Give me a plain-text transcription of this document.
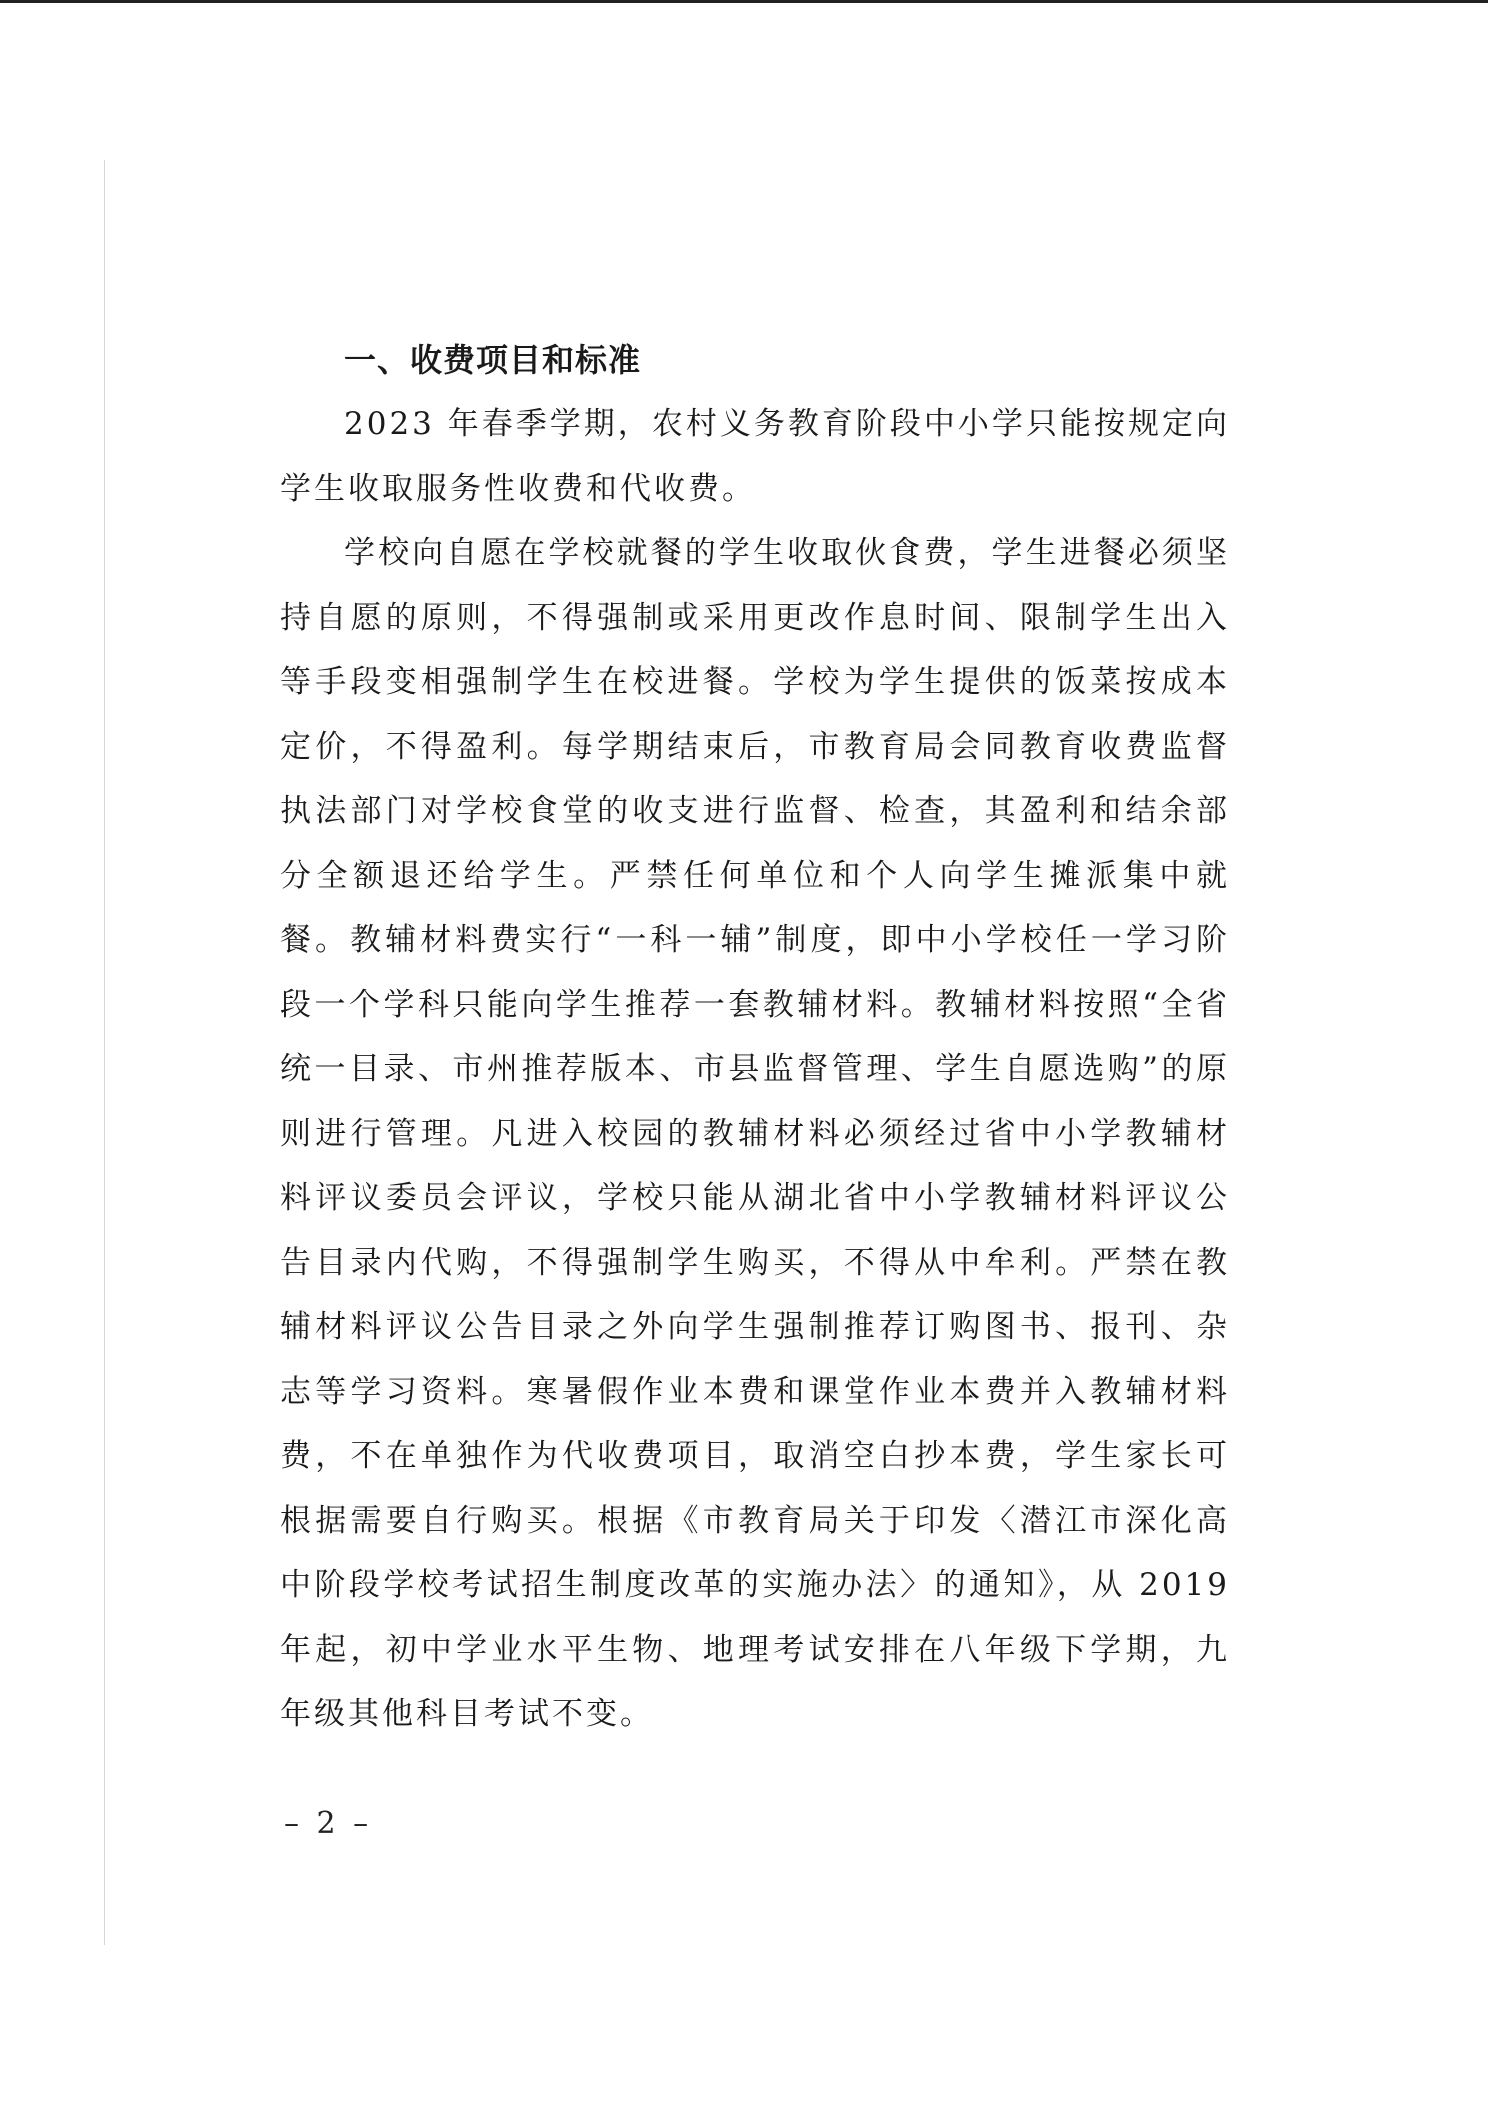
一、收费项目和标准

2023 年春季学期，农村义务教育阶段中小学只能按规定向学生收取服务性收费和代收费。

学校向自愿在学校就餐的学生收取伙食费，学生进餐必须坚持自愿的原则，不得强制或采用更改作息时间、限制学生出入等手段变相强制学生在校进餐。学校为学生提供的饭菜按成本定价，不得盈利。每学期结束后，市教育局会同教育收费监督执法部门对学校食堂的收支进行监督、检查，其盈利和结余部分全额退还给学生。严禁任何单位和个人向学生摊派集中就餐。教辅材料费实行“一科一辅”制度，即中小学校任一学习阶段一个学科只能向学生推荐一套教辅材料。教辅材料按照“全省统一目录、市州推荐版本、市县监督管理、学生自愿选购”的原则进行管理。凡进入校园的教辅材料必须经过省中小学教辅材料评议委员会评议，学校只能从湖北省中小学教辅材料评议公告目录内代购，不得强制学生购买，不得从中牟利。严禁在教辅材料评议公告目录之外向学生强制推荐订购图书、报刊、杂志等学习资料。寒暑假作业本费和课堂作业本费并入教辅材料费，不在单独作为代收费项目，取消空白抄本费，学生家长可根据需要自行购买。根据《市教育局关于印发〈潜江市深化高中阶段学校考试招生制度改革的实施办法〉的通知》，从 2019 年起，初中学业水平生物、地理考试安排在八年级下学期，九年级其他科目考试不变。

– 2 –
